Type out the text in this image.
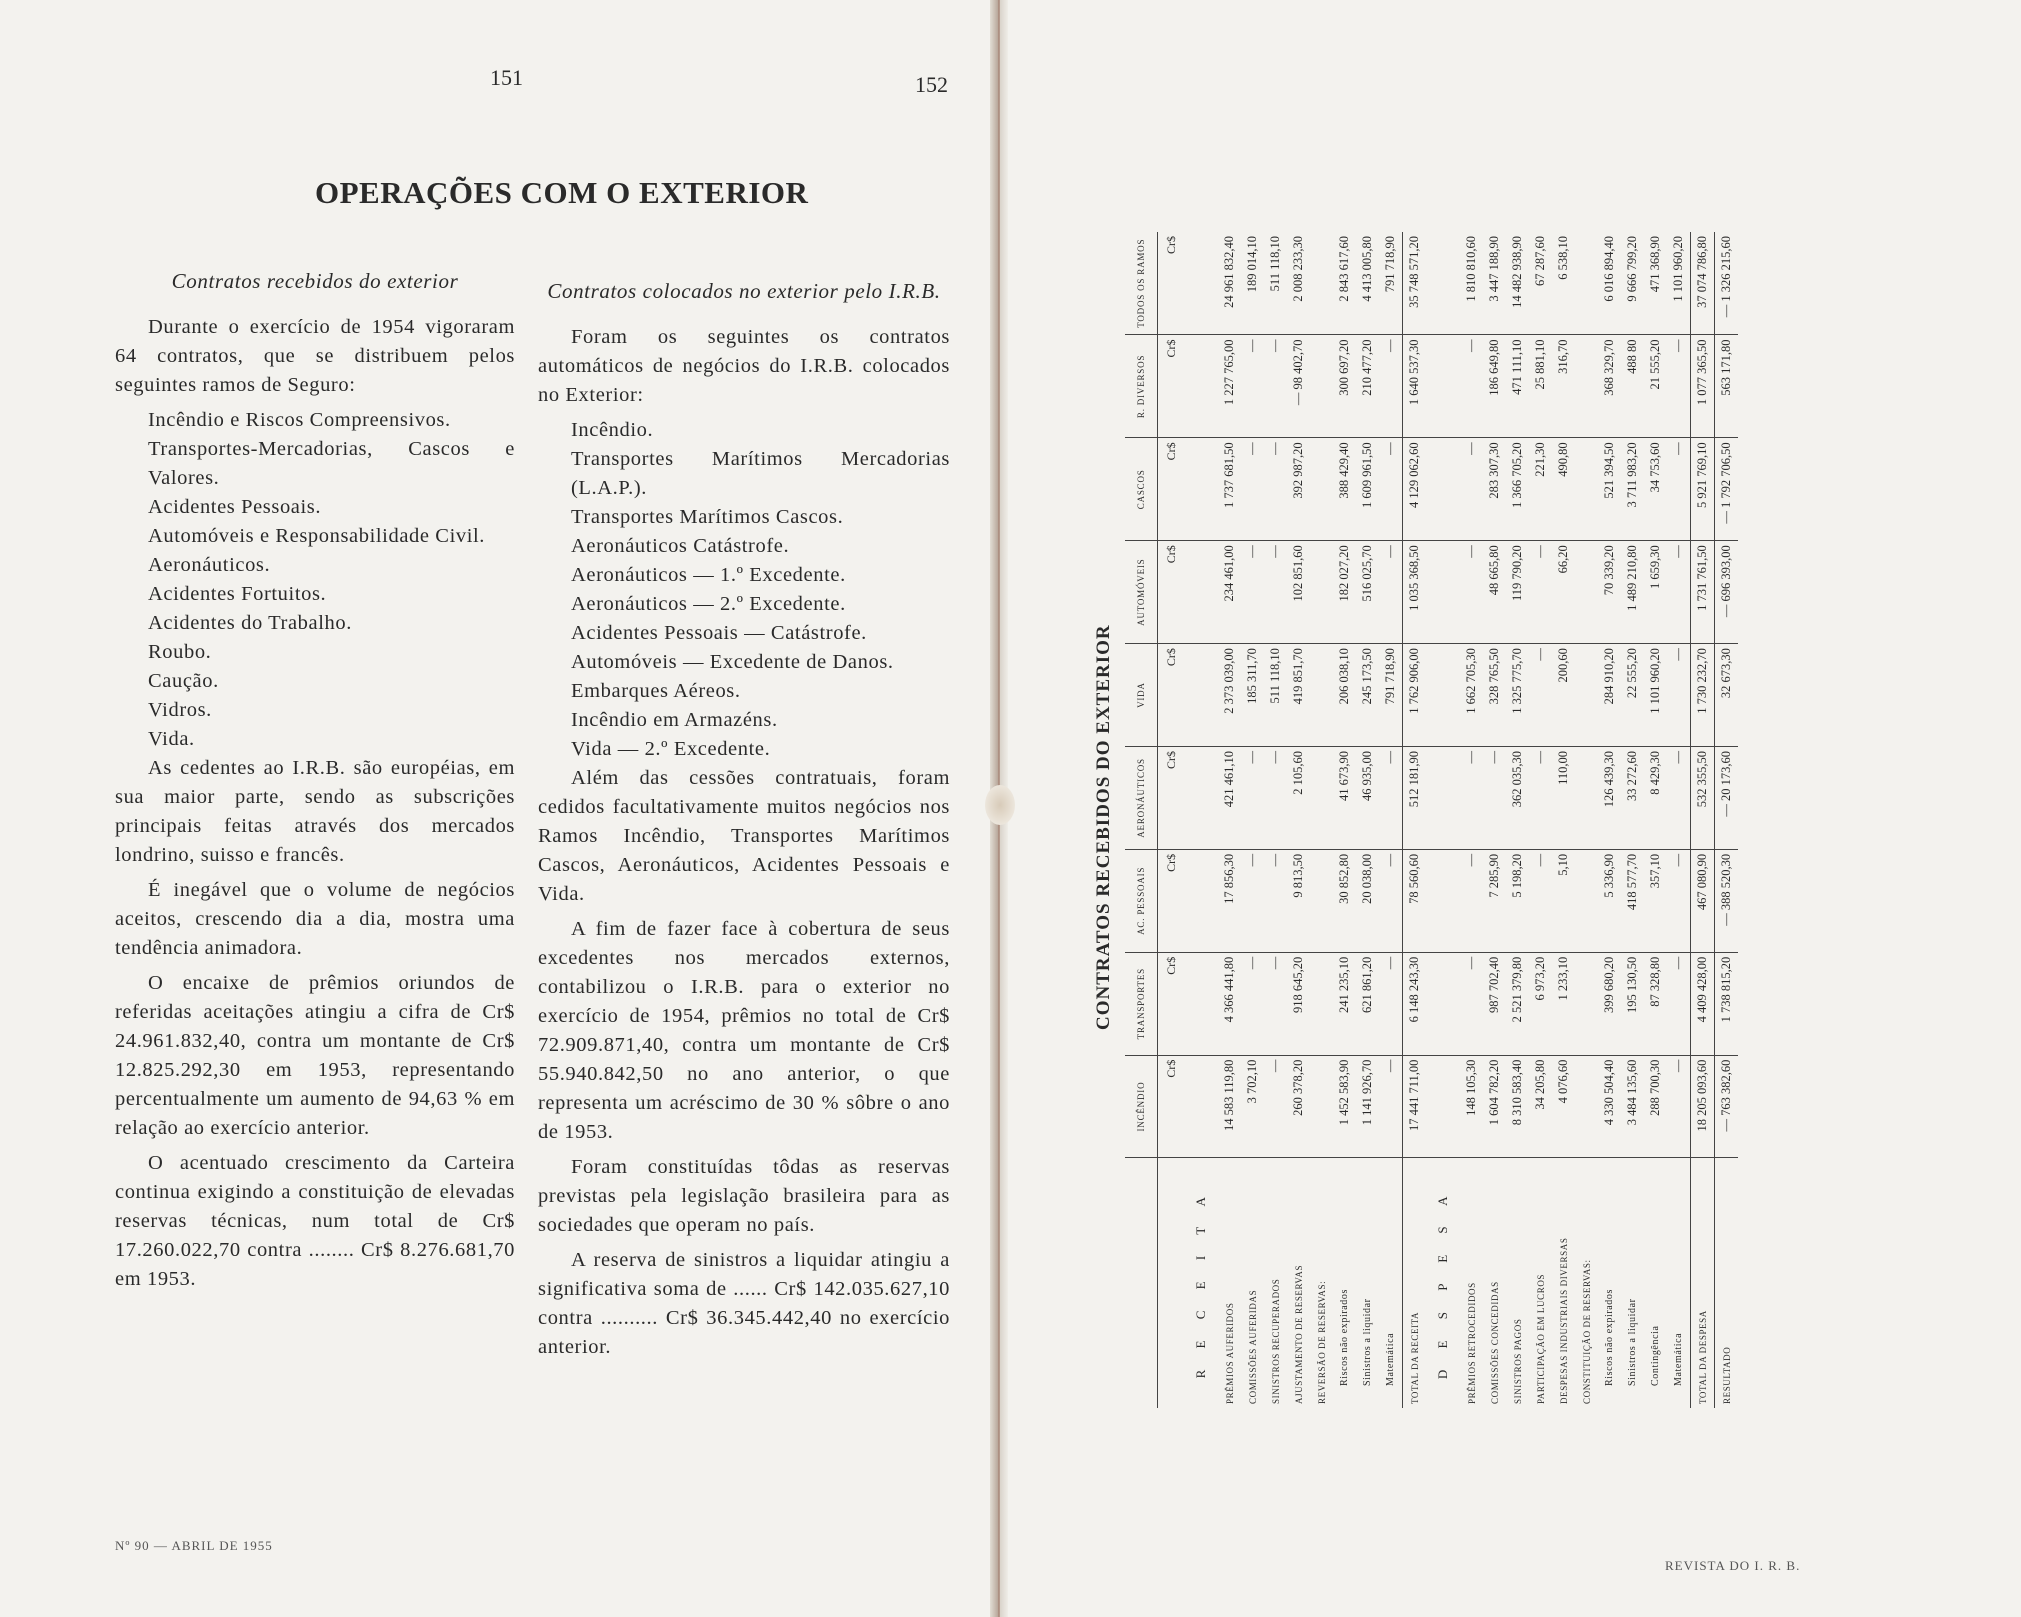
151	152
OPERAÇÕES COM O EXTERIOR

Contratos recebidos do exterior

Durante o exercício de 1954 vigoraram 64 contratos, que se distribuem pelos seguintes ramos de Seguro:

Incêndio e Riscos Compreensivos.

Transportes-Mercadorias, Cascos e Valores.

Acidentes Pessoais.

Automóveis e Responsabilidade Civil.

Aeronáuticos.

Acidentes Fortuitos.

Acidentes do Trabalho.

Roubo.

Caução.

Vidros.

Vida.

As cedentes ao I.R.B. são européias, em sua maior parte, sendo as subscrições principais feitas através dos mercados londrino, suisso e francês.

É inegável que o volume de negócios aceitos, crescendo dia a dia, mostra uma tendência animadora.

O encaixe de prêmios oriundos de referidas aceitações atingiu a cifra de Cr$ 24.961.832,40, contra um montante de Cr$ 12.825.292,30 em 1953, representando percentualmente um aumento de 94,63 % em relação ao exercício anterior.

O acentuado crescimento da Carteira continua exigindo a constituição de elevadas reservas técnicas, num total de Cr$ 17.260.022,70 contra ........ Cr$ 8.276.681,70 em 1953.

Contratos colocados no exterior pelo I.R.B.

Foram os seguintes os contratos automáticos de negócios do I.R.B. colocados no Exterior:

Incêndio.

Transportes Marítimos Mercadorias (L.A.P.).

Transportes Marítimos Cascos.

Aeronáuticos Catástrofe.

Aeronáuticos — 1.º Excedente.

Aeronáuticos — 2.º Excedente.

Acidentes Pessoais — Catástrofe.

Automóveis — Excedente de Danos.

Embarques Aéreos.

Incêndio em Armazéns.

Vida — 2.º Excedente.

Além das cessões contratuais, foram cedidos facultativamente muitos negócios nos Ramos Incêndio, Transportes Marítimos Cascos, Aeronáuticos, Acidentes Pessoais e Vida.

A fim de fazer face à cobertura de seus excedentes nos mercados externos, contabilizou o I.R.B. para o exterior no exercício de 1954, prêmios no total de Cr$ 72.909.871,40, contra um montante de Cr$ 55.940.842,50 no ano anterior, o que representa um acréscimo de 30 % sôbre o ano de 1953.

Foram constituídas tôdas as reservas previstas pela legislação brasileira para as sociedades que operam no país.

A reserva de sinistros a liquidar atingiu a significativa soma de ...... Cr$ 142.035.627,10 contra .......... Cr$ 36.345.442,40 no exercício anterior.

Nº 90 — ABRIL DE 1955
REVISTA DO I. R. B.
CONTRATOS RECEBIDOS DO EXTERIOR
	INCÊNDIO	TRANSPORTES	AC. PESSOAIS	AERONÁUTICOS	VIDA	AUTOMÓVEIS	CASCOS	R. DIVERSOS	TODOS OS RAMOS
	Cr$	Cr$	Cr$	Cr$	Cr$	Cr$	Cr$	Cr$	Cr$
R E C E I T A									
PRÊMIOS AUFERIDOS	14 583 119,80	4 366 441,80	17 856,30	421 461,10	2 373 039,00	234 461,00	1 737 681,50	1 227 765,00	24 961 832,40
COMISSÕES AUFERIDAS	3 702,10	—	—	—	185 311,70	—	—	—	189 014,10
SINISTROS RECUPERADOS	—	—	—	—	511 118,10	—	—	—	511 118,10
AJUSTAMENTO DE RESERVAS	260 378,20	918 645,20	9 813,50	2 105,60	419 851,70	102 851,60	392 987,20	— 98 402,70	2 008 233,30
REVERSÃO DE RESERVAS:									
Riscos não expirados	1 452 583,90	241 235,10	30 852,80	41 673,90	206 038,10	182 027,20	388 429,40	300 697,20	2 843 617,60
Sinistros a liquidar	1 141 926,70	621 861,20	20 038,00	46 935,00	245 173,50	516 025,70	1 609 961,50	210 477,20	4 413 005,80
Matemática	—	—	—	—	791 718,90	—	—	—	791 718,90
TOTAL DA RECEITA	17 441 711,00	6 148 243,30	78 560,60	512 181,90	1 762 906,00	1 035 368,50	4 129 062,60	1 640 537,30	35 748 571,20
D E S P E S A									
PRÊMIOS RETROCEDIDOS	148 105,30	—	—	—	1 662 705,30	—	—	—	1 810 810,60
COMISSÕES CONCEDIDAS	1 604 782,20	987 702,40	7 285,90	—	328 765,50	48 665,80	283 307,30	186 649,80	3 447 188,90
SINISTROS PAGOS	8 310 583,40	2 521 379,80	5 198,20	362 035,30	1 325 775,70	119 790,20	1 366 705,20	471 111,10	14 482 938,90
PARTICIPAÇÃO EM LUCROS	34 205,80	6 973,20	—	—	—	—	221,30	25 881,10	67 287,60
DESPESAS INDUSTRIAIS DIVERSAS	4 076,60	1 233,10	5,10	110,00	200,60	66,20	490,80	316,70	6 538,10
CONSTITUIÇÃO DE RESERVAS:									
Riscos não expirados	4 330 504,40	399 680,20	5 336,90	126 439,30	284 910,20	70 339,20	521 394,50	368 329,70	6 016 894,40
Sinistros a liquidar	3 484 135,60	195 130,50	418 577,70	33 272,60	22 555,20	1 489 210,80	3 711 983,20	488 80	9 666 799,20
Contingência	288 700,30	87 328,80	357,10	8 429,30	1 101 960,20	1 659,30	34 753,60	21 555,20	471 368,90
Matemática	—	—	—	—	—	—	—	—	1 101 960,20
TOTAL DA DESPESA	18 205 093,60	4 409 428,00	467 080,90	532 355,50	1 730 232,70	1 731 761,50	5 921 769,10	1 077 365,50	37 074 786,80
RESULTADO	— 763 382,60	1 738 815,20	— 388 520,30	— 20 173,60	32 673,30	— 696 393,00	— 1 792 706,50	563 171,80	— 1 326 215,60
